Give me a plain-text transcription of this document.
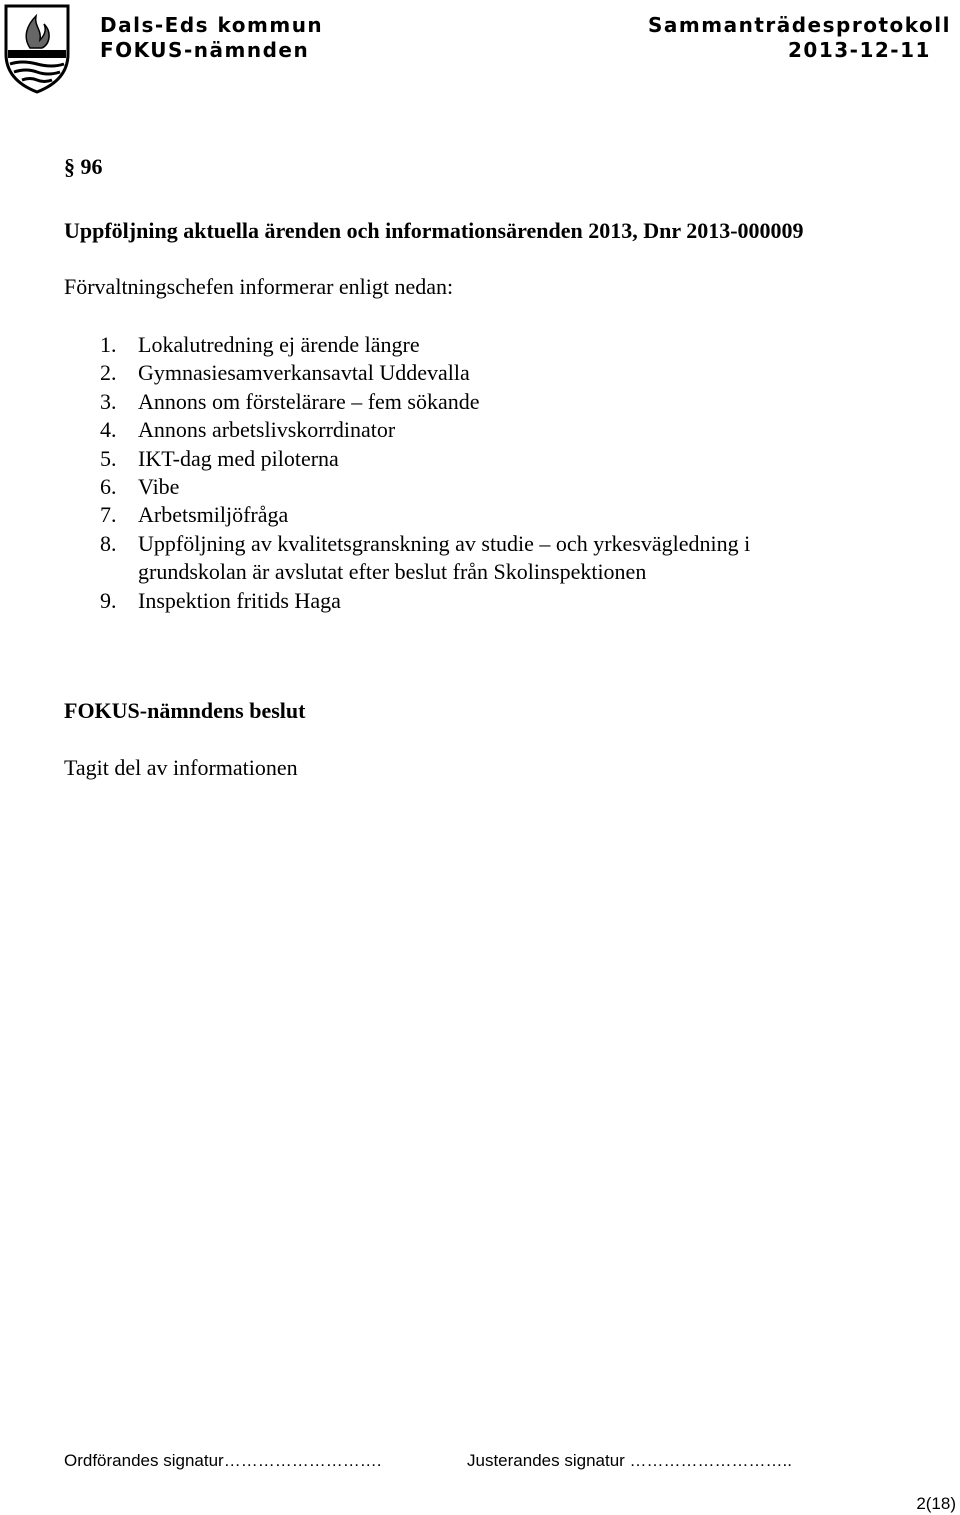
Dals-Eds kommun
FOKUS-nämnden
Sammanträdesprotokoll
2013-12-11
§ 96
Uppföljning aktuella ärenden och informationsärenden 2013, Dnr 2013-000009
Förvaltningschefen informerar enligt nedan:
1. Lokalutredning ej ärende längre
2. Gymnasiesamverkansavtal Uddevalla
3. Annons om förstelärare – fem sökande
4. Annons arbetslivskorrdinator
5. IKT-dag med piloterna
6. Vibe
7. Arbetsmiljöfråga
8. Uppföljning av kvalitetsgranskning av studie – och yrkesvägledning i grundskolan är avslutat efter beslut från Skolinspektionen
9. Inspektion fritids Haga
FOKUS-nämndens beslut
Tagit del av informationen
Ordförandes signatur……………………….	Justerandes signatur ………………………..
2(18)
